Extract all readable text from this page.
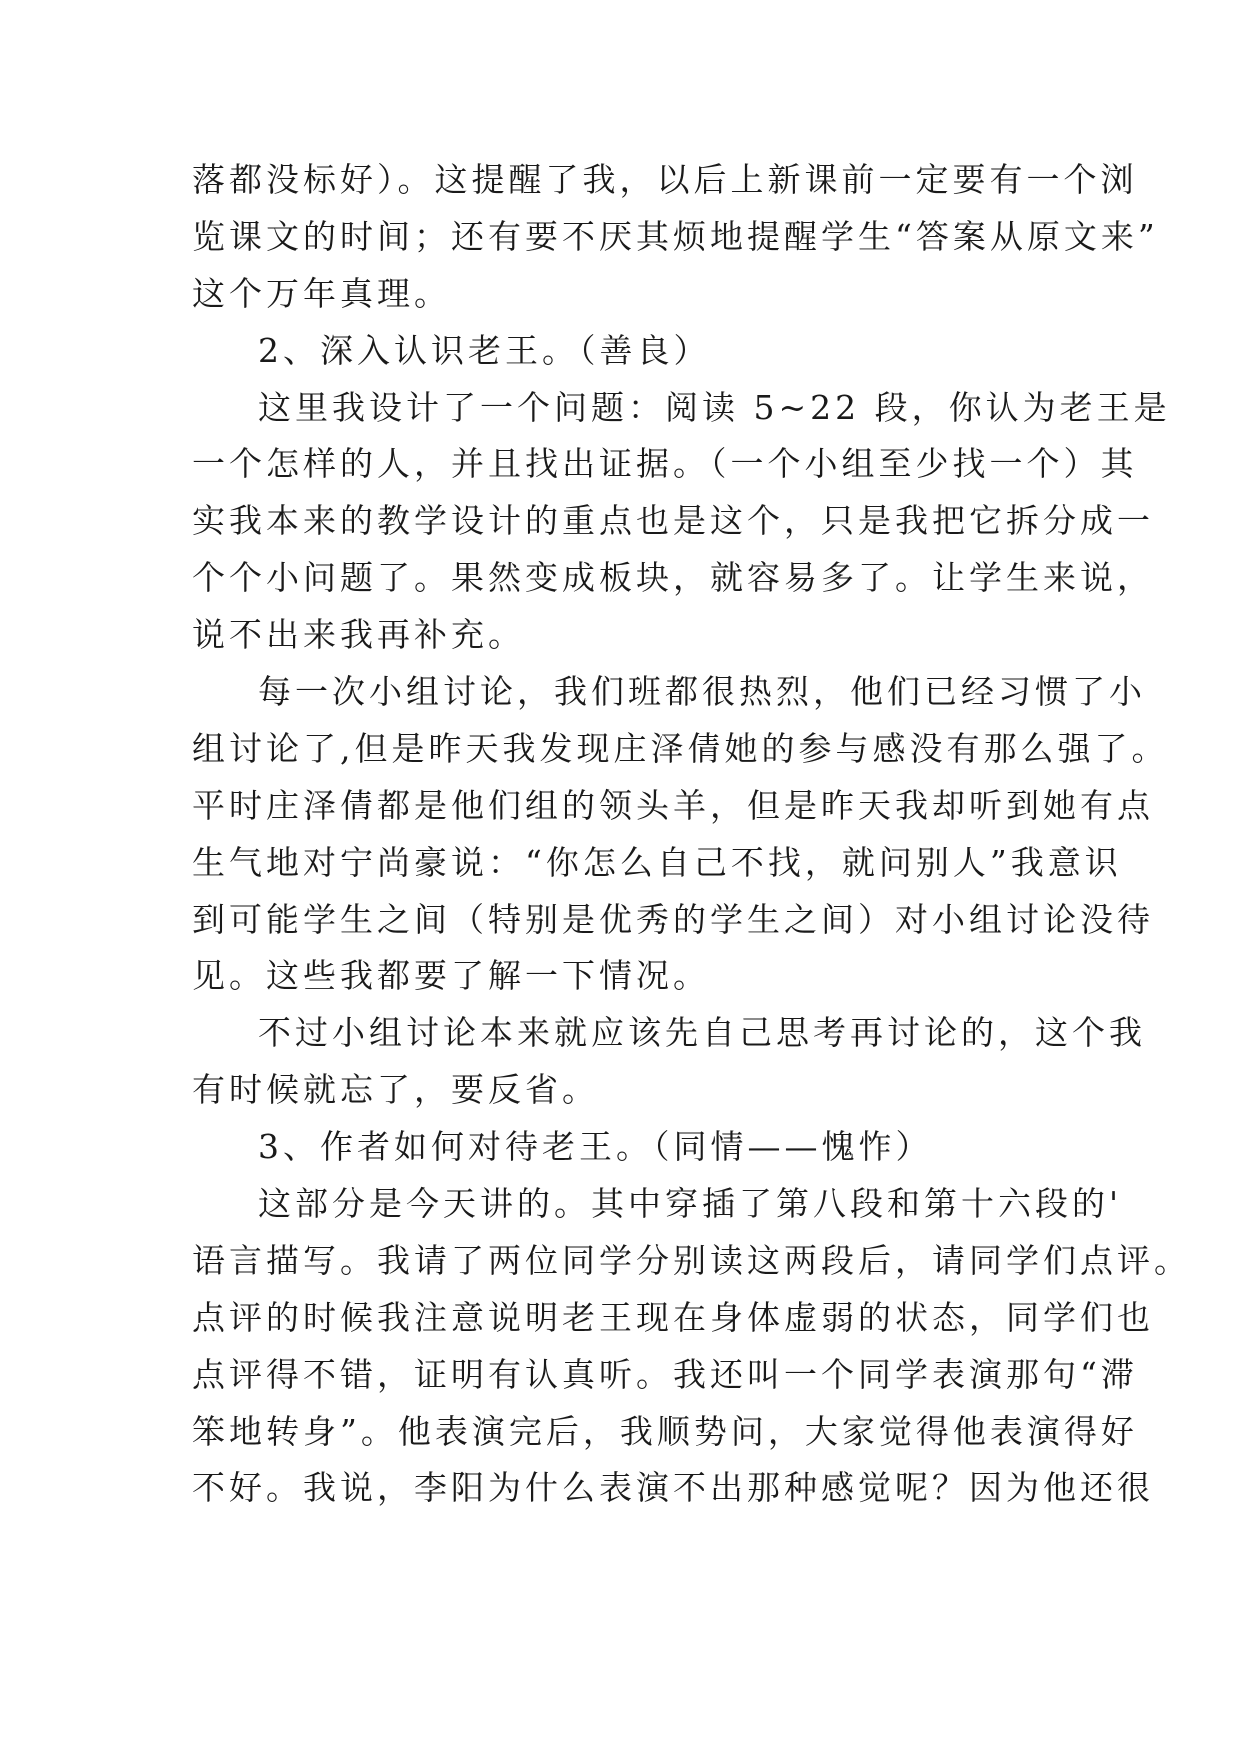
落都没标好）。这提醒了我，以后上新课前一定要有一个浏
览课文的时间；还有要不厌其烦地提醒学生“答案从原文来”
这个万年真理。
2、深入认识老王。（善良）
这里我设计了一个问题：阅读 5~22 段，你认为老王是
一个怎样的人，并且找出证据。（一个小组至少找一个）其
实我本来的教学设计的重点也是这个，只是我把它拆分成一
个个小问题了。果然变成板块，就容易多了。让学生来说，
说不出来我再补充。
每一次小组讨论，我们班都很热烈，他们已经习惯了小
组讨论了,但是昨天我发现庄泽倩她的参与感没有那么强了。
平时庄泽倩都是他们组的领头羊，但是昨天我却听到她有点
生气地对宁尚豪说：“你怎么自己不找，就问别人”我意识
到可能学生之间（特别是优秀的学生之间）对小组讨论没待
见。这些我都要了解一下情况。
不过小组讨论本来就应该先自己思考再讨论的，这个我
有时候就忘了，要反省。
3、作者如何对待老王。（同情——愧怍）
这部分是今天讲的。其中穿插了第八段和第十六段的'
语言描写。我请了两位同学分别读这两段后，请同学们点评。
点评的时候我注意说明老王现在身体虚弱的状态，同学们也
点评得不错，证明有认真听。我还叫一个同学表演那句“滞
笨地转身”。他表演完后，我顺势问，大家觉得他表演得好
不好。我说，李阳为什么表演不出那种感觉呢？因为他还很
